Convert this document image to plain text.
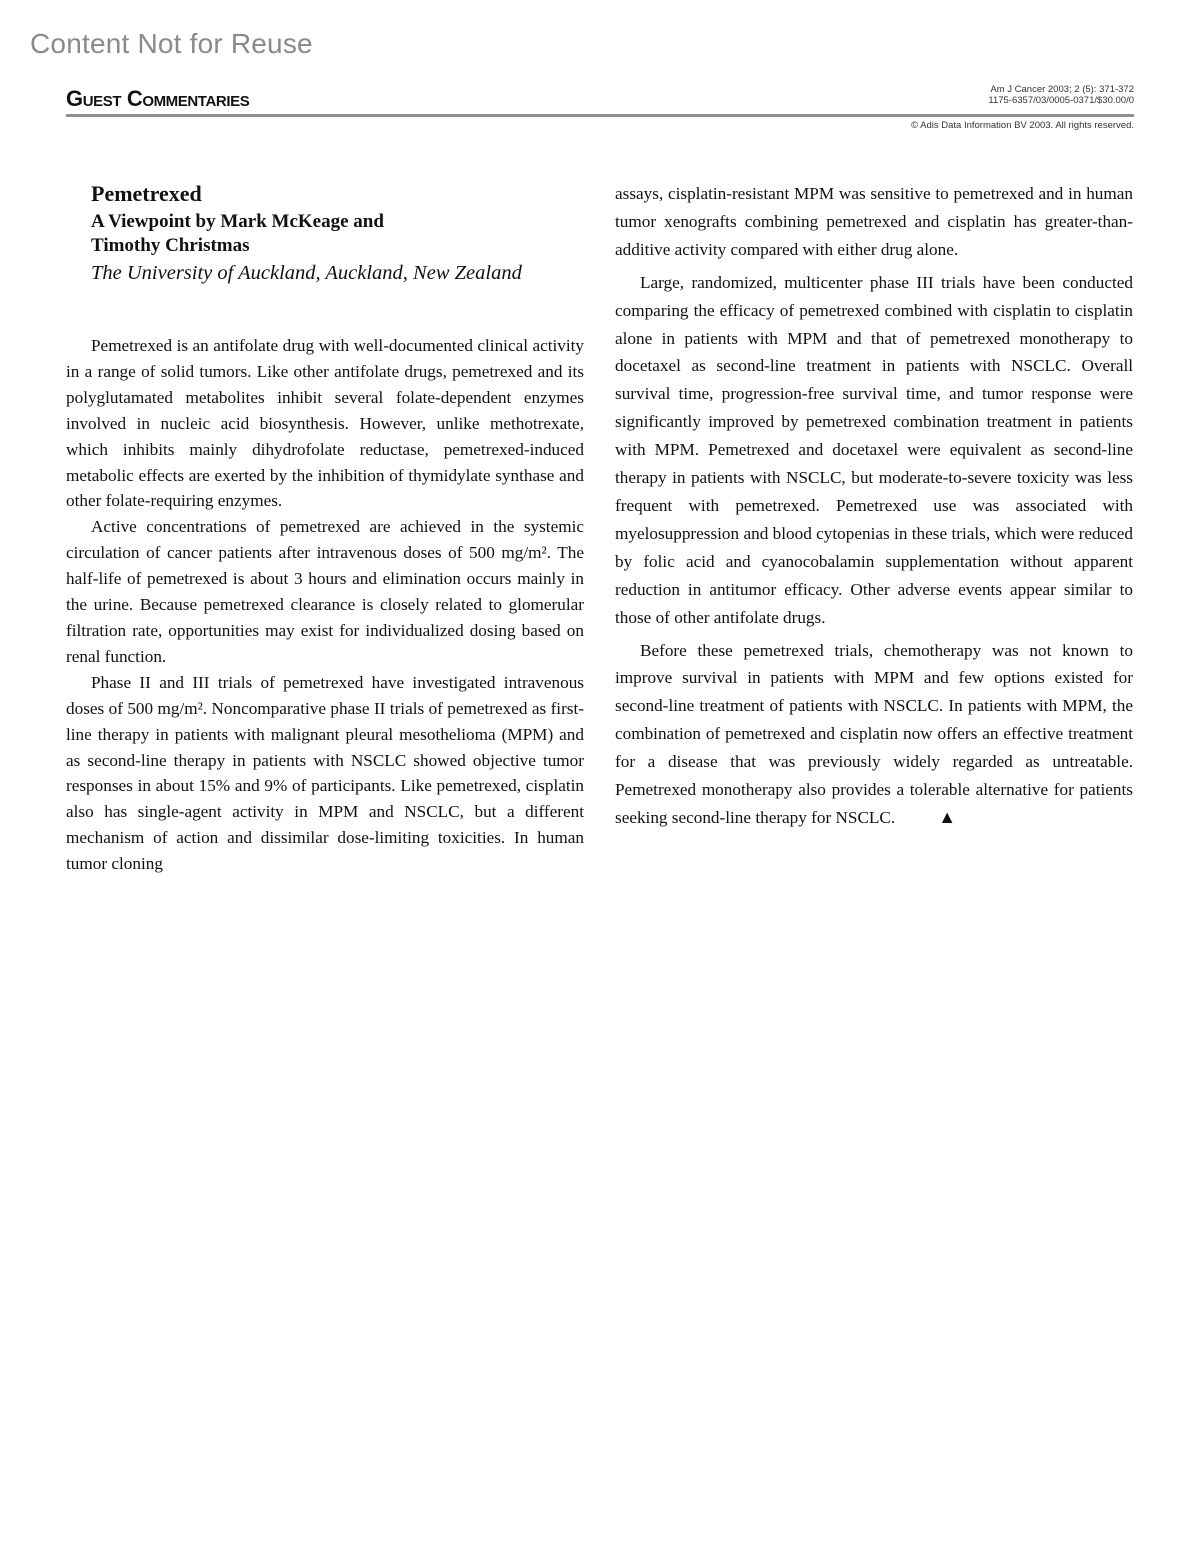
Content Not for Reuse
Guest Commentaries	Am J Cancer 2003; 2 (5): 371-372
1175-6357/03/0005-0371/$30.00/0
© Adis Data Information BV 2003. All rights reserved.
Pemetrexed
A Viewpoint by Mark McKeage and
Timothy Christmas
The University of Auckland, Auckland, New Zealand

Pemetrexed is an antifolate drug with well-documented clinical activity in a range of solid tumors. Like other antifolate drugs, pemetrexed and its polyglutamated metabolites inhibit several folate-dependent enzymes involved in nucleic acid biosynthesis. However, unlike methotrexate, which inhibits mainly dihydrofolate reductase, pemetrexed-induced metabolic effects are exerted by the inhibition of thymidylate synthase and other folate-requiring enzymes.

Active concentrations of pemetrexed are achieved in the systemic circulation of cancer patients after intravenous doses of 500 mg/m². The half-life of pemetrexed is about 3 hours and elimination occurs mainly in the urine. Because pemetrexed clearance is closely related to glomerular filtration rate, opportunities may exist for individualized dosing based on renal function.

Phase II and III trials of pemetrexed have investigated intravenous doses of 500 mg/m². Noncomparative phase II trials of pemetrexed as first-line therapy in patients with malignant pleural mesothelioma (MPM) and as second-line therapy in patients with NSCLC showed objective tumor responses in about 15% and 9% of participants. Like pemetrexed, cisplatin also has single-agent activity in MPM and NSCLC, but a different mechanism of action and dissimilar dose-limiting toxicities. In human tumor cloning

assays, cisplatin-resistant MPM was sensitive to pemetrexed and in human tumor xenografts combining pemetrexed and cisplatin has greater-than-additive activity compared with either drug alone.

Large, randomized, multicenter phase III trials have been conducted comparing the efficacy of pemetrexed combined with cisplatin to cisplatin alone in patients with MPM and that of pemetrexed monotherapy to docetaxel as second-line treatment in patients with NSCLC. Overall survival time, progression-free survival time, and tumor response were significantly improved by pemetrexed combination treatment in patients with MPM. Pemetrexed and docetaxel were equivalent as second-line therapy in patients with NSCLC, but moderate-to-severe toxicity was less frequent with pemetrexed. Pemetrexed use was associated with myelosuppression and blood cytopenias in these trials, which were reduced by folic acid and cyanocobalamin supplementation without apparent reduction in antitumor efficacy. Other adverse events appear similar to those of other antifolate drugs.

Before these pemetrexed trials, chemotherapy was not known to improve survival in patients with MPM and few options existed for second-line treatment of patients with NSCLC. In patients with MPM, the combination of pemetrexed and cisplatin now offers an effective treatment for a disease that was previously widely regarded as untreatable. Pemetrexed monotherapy also provides a tolerable alternative for patients seeking second-line therapy for NSCLC. ▲
